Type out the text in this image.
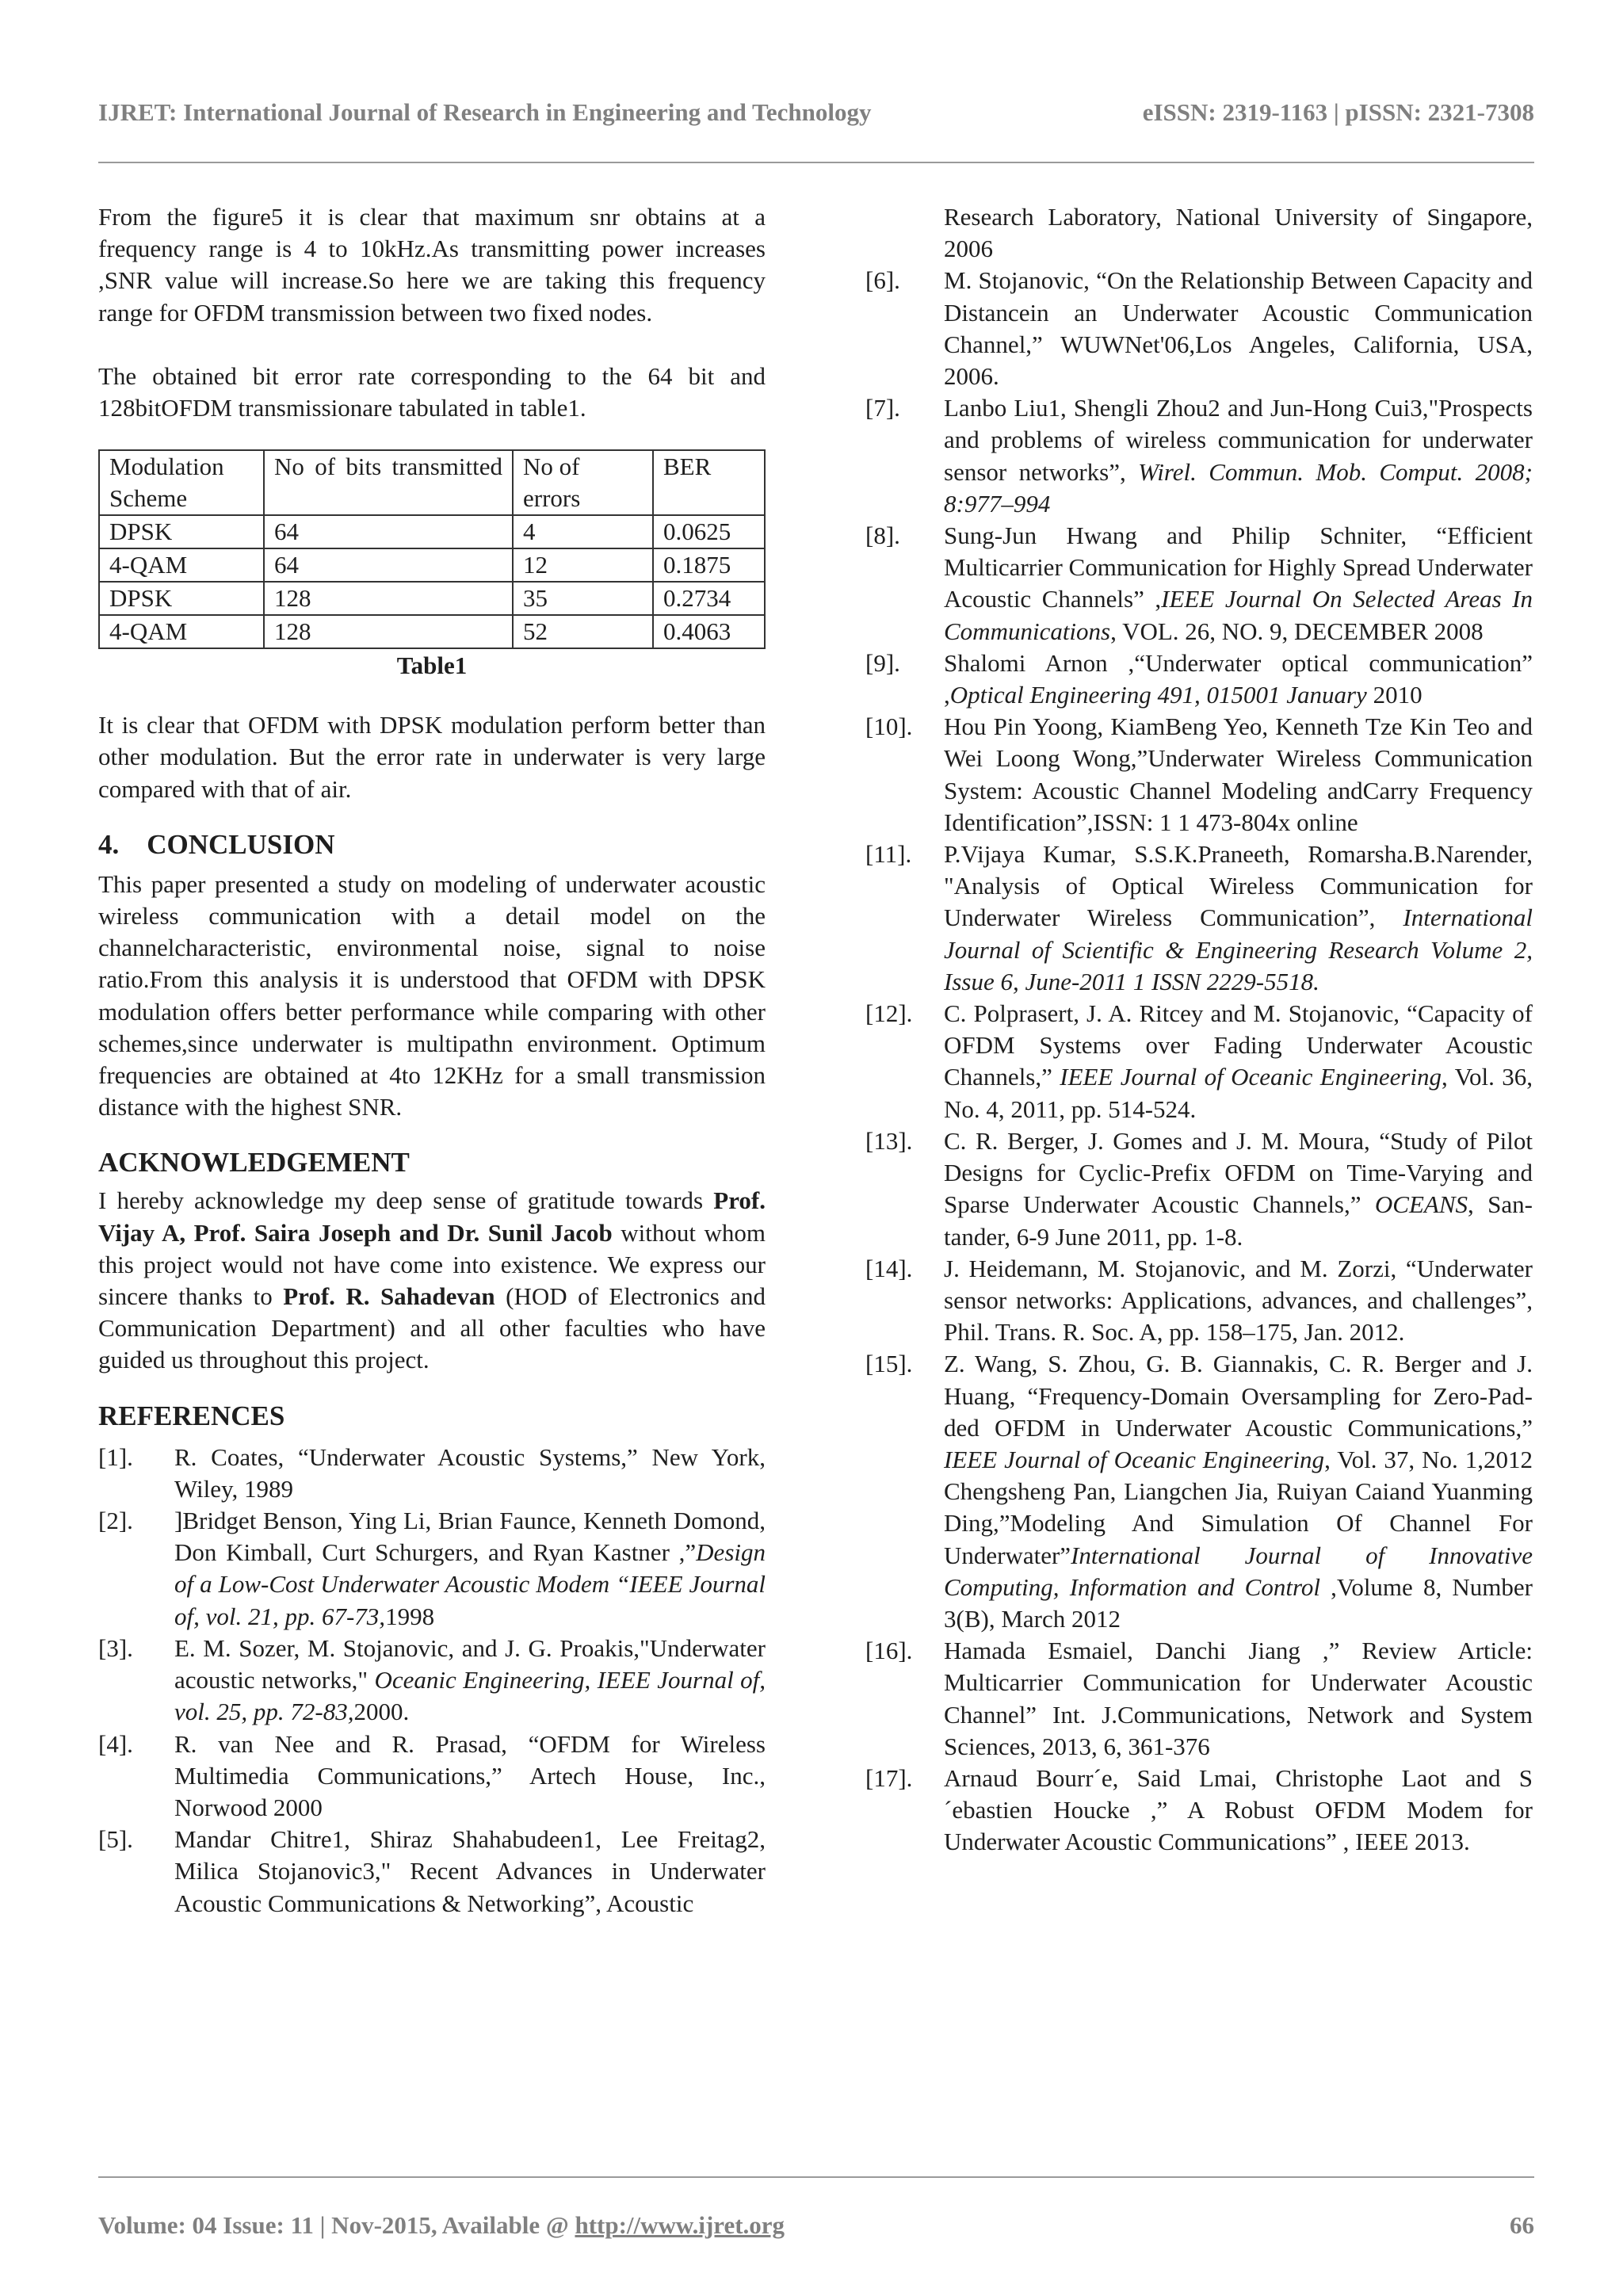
IJRET: International Journal of Research in Engineering and Technology	eISSN: 2319-1163 | pISSN: 2321-7308

From the figure5 it is clear that maximum snr obtains at a frequency range is 4 to 10kHz.As transmitting power increases ,SNR value will increase.So here we are taking this frequency range for OFDM transmission between two fixed nodes.

The obtained bit error rate corresponding to the 64 bit and 128bitOFDM transmissionare tabulated in table1.

Modulation Scheme	No of bits transmitted	No of errors	BER
DPSK	64	4	0.0625
4-QAM	64	12	0.1875
DPSK	128	35	0.2734
4-QAM	128	52	0.4063
Table1

It is clear that OFDM with DPSK modulation perform better than other modulation. But the error rate in underwater is very large compared with that of air.

4.    CONCLUSION

This paper presented a study on modeling of underwater acoustic wireless communication with a detail model on the channelcharacteristic, environmental noise, signal to noise ratio.From this analysis it is understood that OFDM with DPSK modulation offers better performance while comparing with other schemes,since underwater is multipathn environment. Optimum frequencies are obtained at 4to 12KHz for a small transmission distance with the highest SNR.

ACKNOWLEDGEMENT

I hereby acknowledge my deep sense of gratitude towards Prof. Vijay A, Prof. Saira Joseph and Dr. Sunil Jacob without whom this project would not have come into existence. We express our sincere thanks to Prof. R. Sahadevan (HOD of Electronics and Communication Department) and all other faculties who have guided us throughout this project.

REFERENCES
[1].	R. Coates, “Underwater Acoustic Systems,” New York, Wiley, 1989
[2].	]Bridget Benson, Ying Li, Brian Faunce, Kenneth Domond, Don Kimball, Curt Schurgers, and Ryan Kastner ,”Design of a Low-Cost Underwater Acoustic Modem “IEEE Journal of, vol. 21, pp. 67-73,1998
[3].	E. M. Sozer, M. Stojanovic, and J. G. Proakis,"Underwater acoustic networks," Oceanic Engineering, IEEE Journal of, vol. 25, pp. 72-83,2000.
[4].	R. van Nee and R. Prasad, “OFDM for Wireless Multimedia Communications,” Artech House, Inc., Norwood 2000
[5].	Mandar Chitre1, Shiraz Shahabudeen1, Lee Freitag2, Milica Stojanovic3," Recent Advances in Underwater Acoustic Communications & Networking”, Acoustic
Research Laboratory, National University of Singapore, 2006
[6].	M. Stojanovic, “On the Relationship Between Capacity and Distancein an Underwater Acoustic Communication Channel,” WUWNet'06,Los Angeles, California, USA, 2006.
[7].	Lanbo Liu1, Shengli Zhou2 and Jun-Hong Cui3,"Prospects and problems of wireless communication for underwater sensor networks”, Wirel. Commun. Mob. Comput. 2008; 8:977–994
[8].	Sung-Jun Hwang and Philip Schniter, “Efficient Multicarrier Communication for Highly Spread Underwater Acoustic Channels” ,IEEE Journal On Selected Areas In Communications, VOL. 26, NO. 9, DECEMBER 2008
[9].	Shalomi Arnon ,“Underwater optical communication” ,Optical Engineering 491, 015001 January 2010
[10].	Hou Pin Yoong, KiamBeng Yeo, Kenneth Tze Kin Teo and Wei Loong Wong,”Underwater Wireless Communication System: Acoustic Channel Modeling andCarry Frequency Identification”,ISSN: 1 1 473-804x online
[11].	P.Vijaya Kumar, S.S.K.Praneeth, Romarsha.B.Narender, "Analysis of Optical Wireless Communication for Underwater Wireless Communication”, International Journal of Scientific & Engineering Research Volume 2, Issue 6, June-2011 1 ISSN 2229-5518.
[12].	C. Polprasert, J. A. Ritcey and M. Stojanovic, “Capacity of OFDM Systems over Fading Underwater Acoustic Channels,” IEEE Journal of Oceanic Engineering, Vol. 36, No. 4, 2011, pp. 514-524.
[13].	C. R. Berger, J. Gomes and J. M. Moura, “Study of Pilot Designs for Cyclic-Prefix OFDM on Time-Varying and Sparse Underwater Acoustic Channels,” OCEANS, San- tander, 6-9 June 2011, pp. 1-8.
[14].	J. Heidemann, M. Stojanovic, and M. Zorzi, “Underwater sensor networks: Applications, advances, and challenges”, Phil. Trans. R. Soc. A, pp. 158–175, Jan. 2012.
[15].	Z. Wang, S. Zhou, G. B. Giannakis, C. R. Berger and J. Huang, “Frequency-Domain Oversampling for Zero-Pad- ded OFDM in Underwater Acoustic Communications,” IEEE Journal of Oceanic Engineering, Vol. 37, No. 1,2012 Chengsheng Pan, Liangchen Jia, Ruiyan Caiand Yuanming Ding,”Modeling And Simulation Of Channel For Underwater”International Journal of Innovative Computing, Information and Control ,Volume 8, Number 3(B), March 2012
[16].	Hamada Esmaiel, Danchi Jiang ,” Review Article: Multicarrier Communication for Underwater Acoustic Channel” Int. J.Communications, Network and System Sciences, 2013, 6, 361-376
[17].	Arnaud Bourr´e, Said Lmai, Christophe Laot and S´ebastien Houcke ,” A Robust OFDM Modem for Underwater Acoustic Communications” , IEEE 2013.
Volume: 04 Issue: 11 | Nov-2015, Available @ http://www.ijret.org	66
